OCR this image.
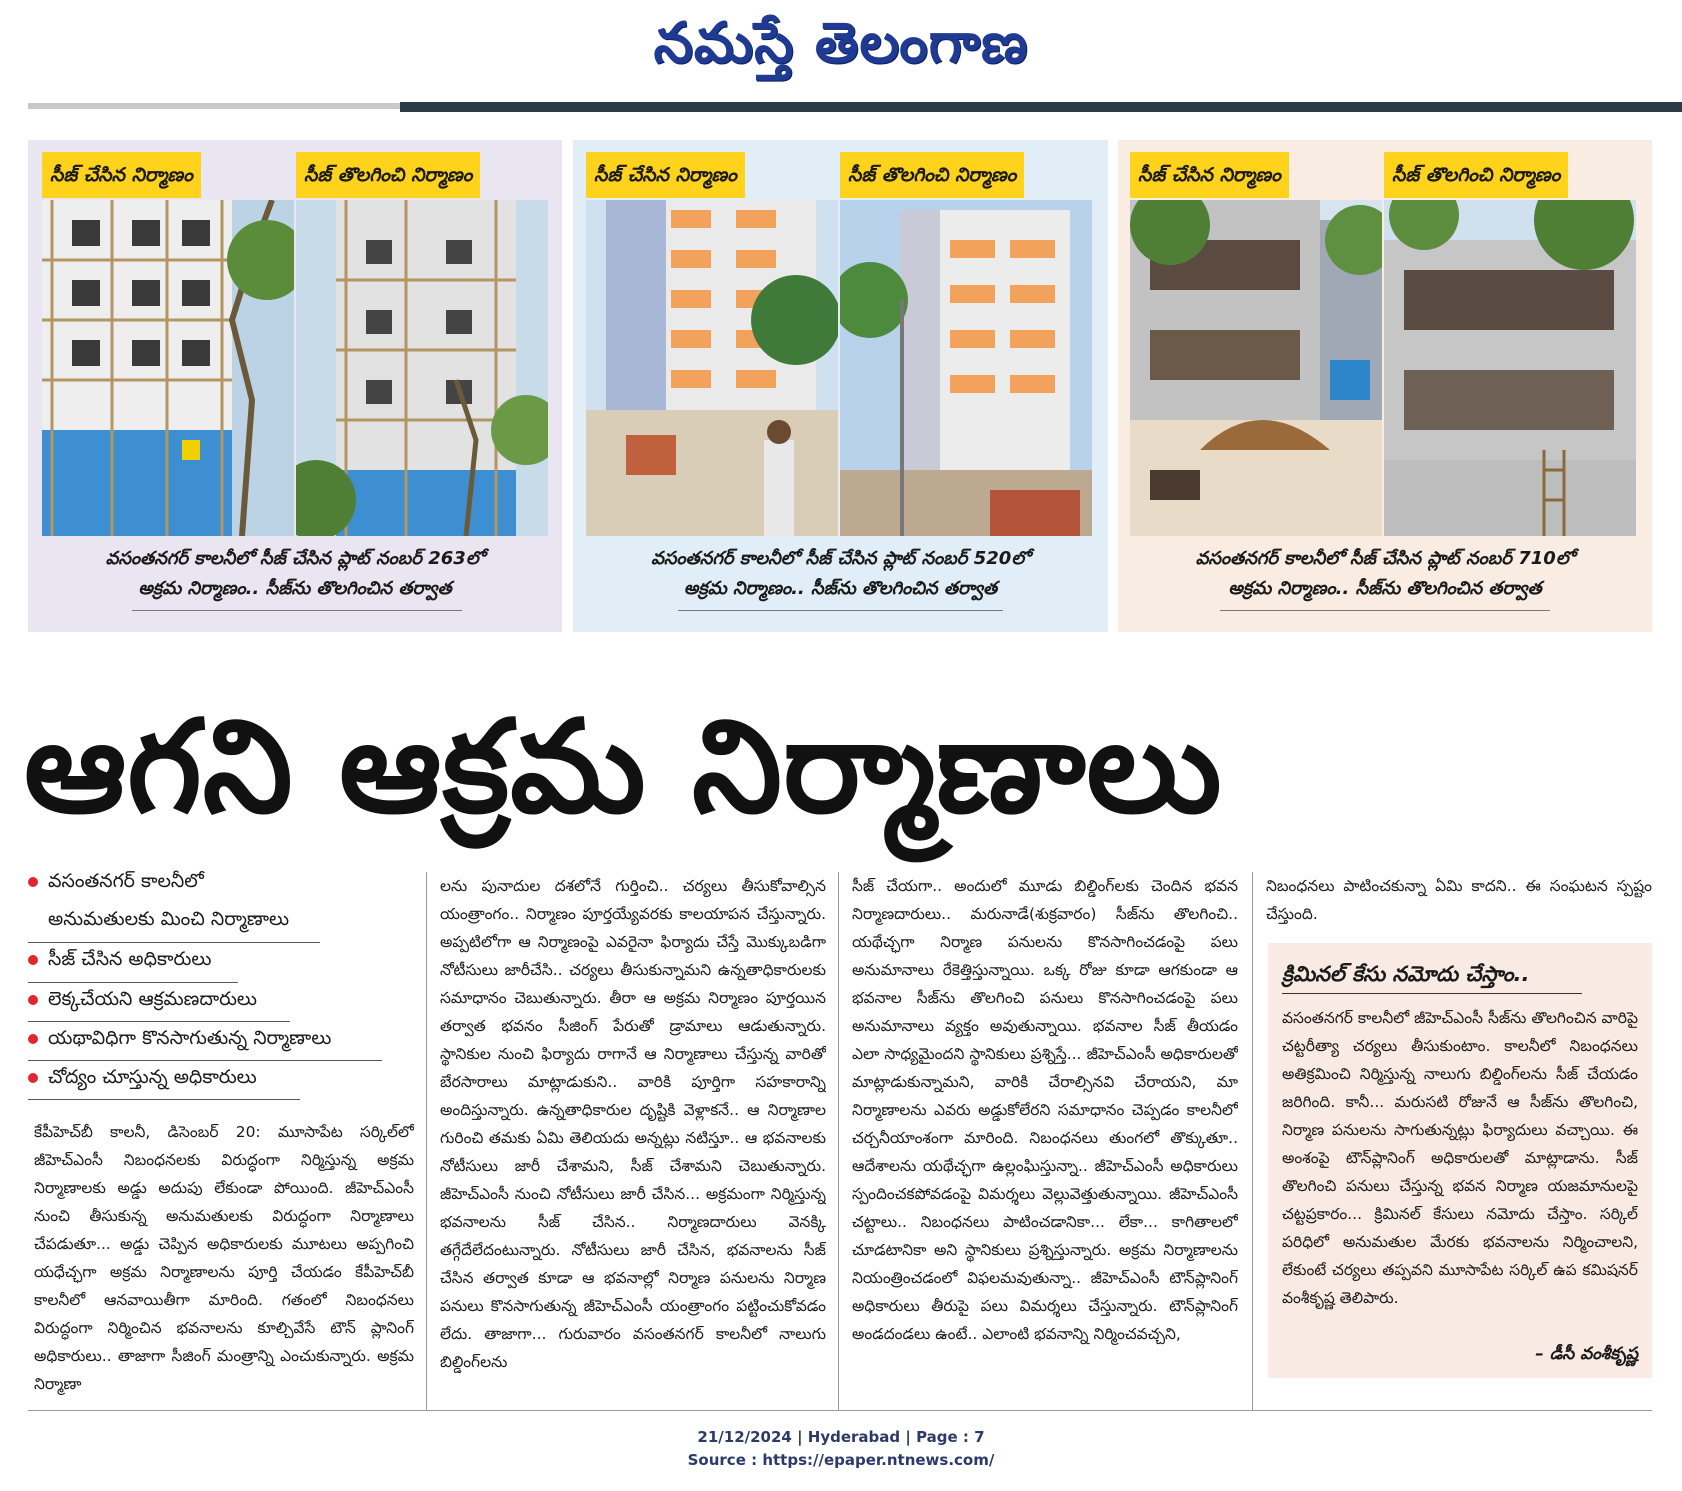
నమస్తే తెలంగాణ
సీజ్ చేసిన నిర్మాణం	సీజ్ తొలగించి నిర్మాణం
వసంతనగర్ కాలనీలో సీజ్ చేసిన ప్లాట్ నంబర్ 263లో
అక్రమ నిర్మాణం.. సీజ్‌ను తొలగించిన తర్వాత
సీజ్ చేసిన నిర్మాణం	సీజ్ తొలగించి నిర్మాణం
వసంతనగర్ కాలనీలో సీజ్ చేసిన ప్లాట్ నంబర్ 520లో
అక్రమ నిర్మాణం.. సీజ్‌ను తొలగించిన తర్వాత
సీజ్ చేసిన నిర్మాణం	సీజ్ తొలగించి నిర్మాణం
వసంతనగర్ కాలనీలో సీజ్ చేసిన ప్లాట్ నంబర్ 710లో
అక్రమ నిర్మాణం.. సీజ్‌ను తొలగించిన తర్వాత
ఆగని ఆక్రమ నిర్మాణాలు
వసంతనగర్ కాలనీలో
అనుమతులకు మించి నిర్మాణాలు
సీజ్ చేసిన అధికారులు
లెక్కచేయని ఆక్రమణదారులు
యథావిధిగా కొనసాగుతున్న నిర్మాణాలు
చోద్యం చూస్తున్న అధికారులు

కేపీహెచ్‌బీ కాలనీ, డిసెంబర్ 20: మూసాపేట సర్కిల్‌లో జీహెచ్‌ఎంసీ నిబంధనలకు విరుద్ధంగా నిర్మిస్తున్న అక్రమ నిర్మాణాలకు అడ్డు అదుపు లేకుండా పోయింది. జీహెచ్‌ఎంసీ నుంచి తీసుకున్న అనుమతులకు విరుద్ధంగా నిర్మాణాలు చేపడుతూ... అడ్డు చెప్పిన అధికారులకు మూటలు అప్పగించి యధేచ్ఛగా అక్రమ నిర్మాణాలను పూర్తి చేయడం కేపీహెచ్‌బీ కాలనీలో ఆనవాయితీగా మారింది. గతంలో నిబంధనలు విరుద్ధంగా నిర్మించిన భవనాలను కూల్చివేసే టౌన్ ప్లానింగ్ అధికారులు.. తాజాగా సీజింగ్ మంత్రాన్ని ఎంచుకున్నారు. అక్రమ నిర్మాణా

లను పునాదుల దశలోనే గుర్తించి.. చర్యలు తీసుకోవాల్సిన యంత్రాంగం.. నిర్మాణం పూర్తయ్యేవరకు కాలయాపన చేస్తున్నారు. అప్పటిలోగా ఆ నిర్మాణంపై ఎవరైనా ఫిర్యాదు చేస్తే మొక్కుబడిగా నోటీసులు జారీచేసి.. చర్యలు తీసుకున్నామని ఉన్నతాధికారులకు సమాధానం చెబుతున్నారు. తీరా ఆ అక్రమ నిర్మాణం పూర్తయిన తర్వాత భవనం సీజింగ్ పేరుతో డ్రామాలు ఆడుతున్నారు. స్థానికుల నుంచి ఫిర్యాదు రాగానే ఆ నిర్మాణాలు చేస్తున్న వారితో బేరసారాలు మాట్లాడుకుని.. వారికి పూర్తిగా సహకారాన్ని అందిస్తున్నారు. ఉన్నతాధికారుల దృష్టికి వెళ్లాకనే.. ఆ నిర్మాణాల గురించి తమకు ఏమి తెలియదు అన్నట్లు నటిస్తూ.. ఆ భవనాలకు నోటీసులు జారీ చేశామని, సీజ్ చేశామని చెబుతున్నారు. జీహెచ్‌ఎంసీ నుంచి నోటీసులు జారీ చేసిన... అక్రమంగా నిర్మిస్తున్న భవనాలను సీజ్ చేసిన.. నిర్మాణదారులు వెనక్కి తగ్గేదేలేదంటున్నారు. నోటీసులు జారీ చేసిన, భవనాలను సీజ్ చేసిన తర్వాత కూడా ఆ భవనాల్లో నిర్మాణ పనులను నిర్మాణ పనులు కొనసాగుతున్న జీహెచ్‌ఎంసీ యంత్రాంగం పట్టించుకోవడం లేదు. తాజాగా... గురువారం వసంతనగర్ కాలనీలో నాలుగు బిల్డింగ్‌లను

సీజ్ చేయగా.. అందులో మూడు బిల్డింగ్‌లకు చెందిన భవన నిర్మాణదారులు.. మరునాడే(శుక్రవారం) సీజ్‌ను తొలగించి.. యథేచ్ఛగా నిర్మాణ పనులను కొనసాగించడంపై పలు అనుమానాలు రేకెత్తిస్తున్నాయి. ఒక్క రోజు కూడా ఆగకుండా ఆ భవనాల సీజ్‌ను తొలగించి పనులు కొనసాగించడంపై పలు అనుమానాలు వ్యక్తం అవుతున్నాయి. భవనాల సీజ్ తీయడం ఎలా సాధ్యమైందని స్థానికులు ప్రశ్నిస్తే... జీహెచ్‌ఎంసీ అధికారులతో మాట్లాడుకున్నామని, వారికి చేరాల్సినవి చేరాయని, మా నిర్మాణాలను ఎవరు అడ్డుకోలేరని సమాధానం చెప్పడం కాలనీలో చర్చనీయాంశంగా మారింది. నిబంధనలు తుంగలో తొక్కుతూ.. ఆదేశాలను యథేచ్ఛగా ఉల్లంఘిస్తున్నా.. జీహెచ్‌ఎంసీ అధికారులు స్పందించకపోవడంపై విమర్శలు వెల్లువెత్తుతున్నాయి. జీహెచ్‌ఎంసీ చట్టాలు.. నిబంధనలు పాటించడానికా... లేకా... కాగితాలలో చూడటానికా అని స్థానికులు ప్రశ్నిస్తున్నారు. అక్రమ నిర్మాణాలను నియంత్రించడంలో విఫలమవుతున్నా.. జీహెచ్‌ఎంసీ టౌన్‌ప్లానింగ్ అధికారులు తీరుపై పలు విమర్శలు చేస్తున్నారు. టౌన్‌ప్లానింగ్ అండదండలు ఉంటే.. ఎలాంటి భవనాన్ని నిర్మించవచ్చని,

నిబంధనలు పాటించకున్నా ఏమి కాదని.. ఈ సంఘటన స్పష్టం చేస్తుంది.

క్రిమినల్ కేసు నమోదు చేస్తాం..
వసంతనగర్ కాలనీలో జీహెచ్‌ఎంసీ సీజ్‌ను తొలగించిన వారిపై చట్టరీత్యా చర్యలు తీసుకుంటాం. కాలనీలో నిబంధనలు అతిక్రమించి నిర్మిస్తున్న నాలుగు బిల్డింగ్‌లను సీజ్ చేయడం జరిగింది. కానీ... మరుసటి రోజునే ఆ సీజ్‌ను తొలగించి, నిర్మాణ పనులను సాగుతున్నట్లు ఫిర్యాదులు వచ్చాయి. ఈ అంశంపై టౌన్‌ప్లానింగ్ అధికారులతో మాట్లాడాను. సీజ్ తొలగించి పనులు చేస్తున్న భవన నిర్మాణ యజమానులపై చట్టప్రకారం... క్రిమినల్ కేసులు నమోదు చేస్తాం. సర్కిల్ పరిధిలో అనుమతుల మేరకు భవనాలను నిర్మించాలని, లేకుంటే చర్యలు తప్పవని మూసాపేట సర్కిల్ ఉప కమిషనర్ వంశీకృష్ణ తెలిపారు.
– డీసీ వంశీకృష్ణ
21/12/2024 | Hyderabad | Page : 7
Source : https://epaper.ntnews.com/
